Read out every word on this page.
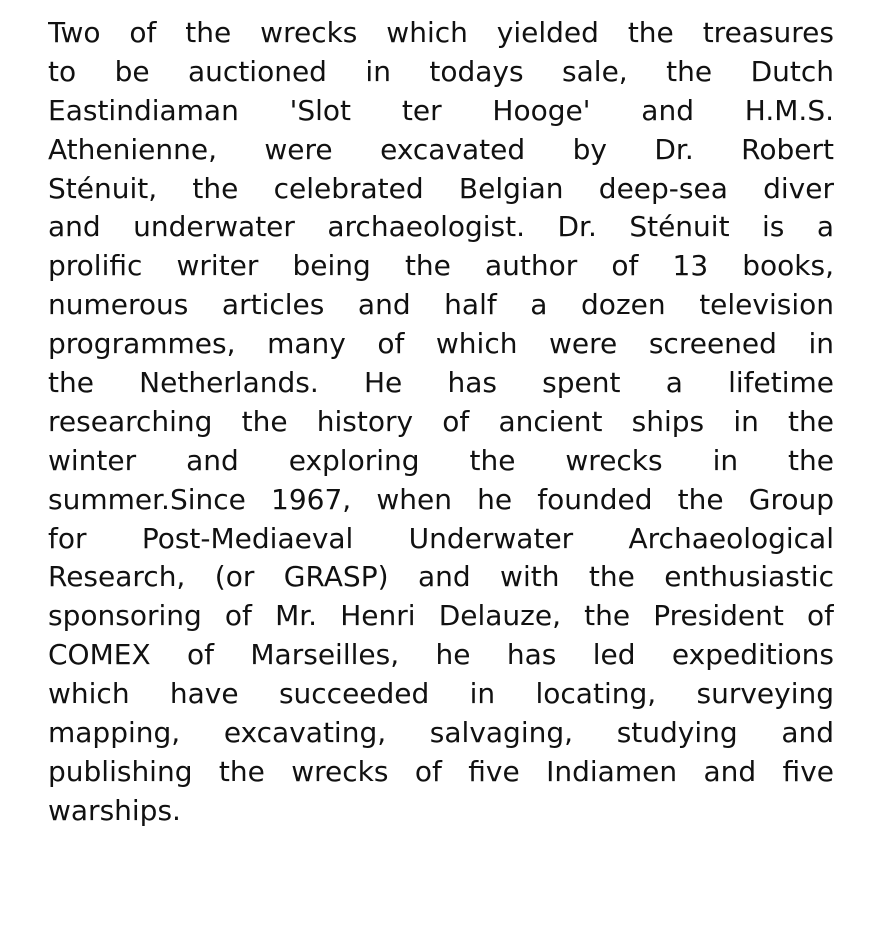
Two of the wrecks which yielded the treasures
to be auctioned in todays sale, the Dutch
Eastindiaman 'Slot ter Hooge' and H.M.S.
Athenienne, were excavated by Dr. Robert
Sténuit, the celebrated Belgian deep-sea diver
and underwater archaeologist. Dr. Sténuit is a
prolific writer being the author of 13 books,
numerous articles and half a dozen television
programmes, many of which were screened in
the Netherlands. He has spent a lifetime
researching the history of ancient ships in the
winter and exploring the wrecks in the
summer.Since 1967, when he founded the Group
for Post-Mediaeval Underwater Archaeological
Research, (or GRASP) and with the enthusiastic
sponsoring of Mr. Henri Delauze, the President of
COMEX of Marseilles, he has led expeditions
which have succeeded in locating, surveying
mapping, excavating, salvaging, studying and
publishing the wrecks of five Indiamen and five
warships.
